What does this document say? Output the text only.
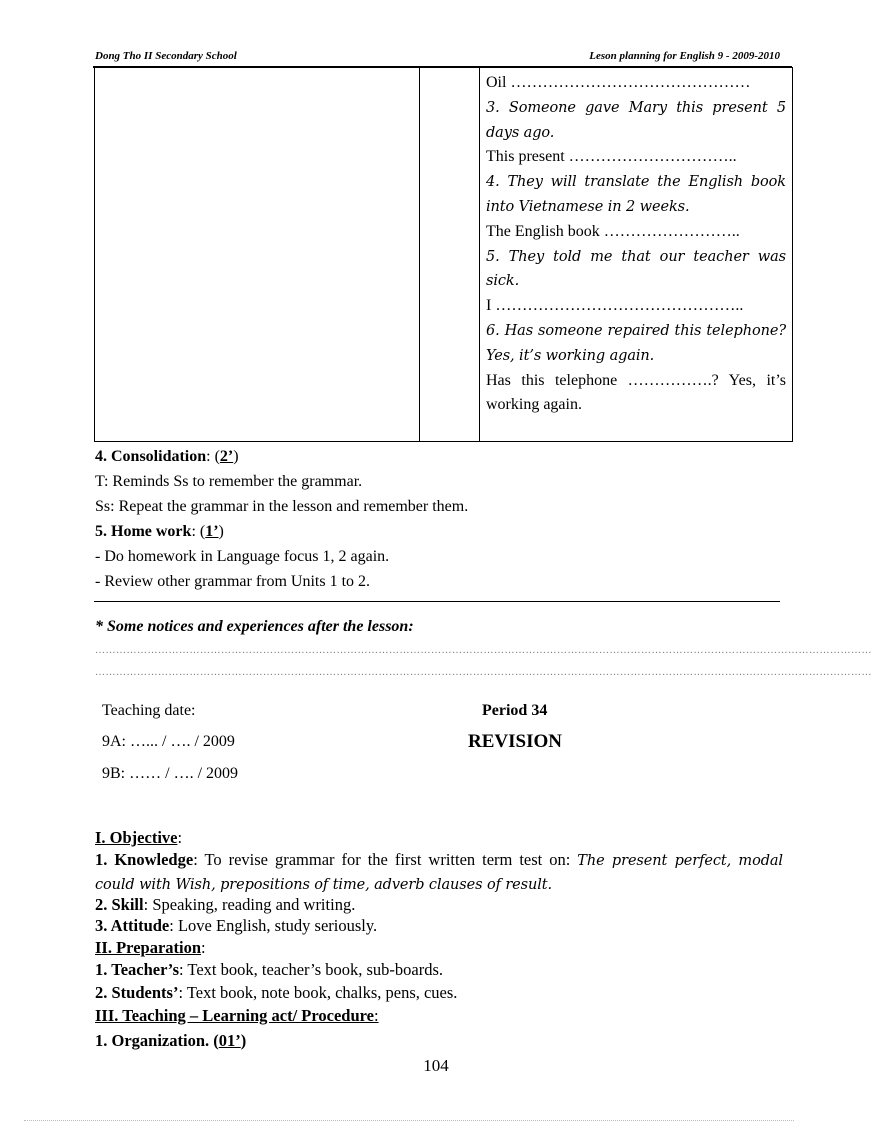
Dong Tho II Secondary School	Leson planning for English 9 - 2009-2010

Oil ………………………………………

3. Someone gave Mary this present 5 days ago.

This present …………………………..

4. They will translate the English book into Vietnamese in 2 weeks.

The English book ……………………..

5. They told me that our teacher was sick.

I ………………………………………..

6. Has someone repaired this telephone? Yes, it’s working again.

Has this telephone …………….? Yes, it’s working again.

4. Consolidation: (2’)
T: Reminds Ss to remember the grammar.
Ss: Repeat the grammar in the lesson and remember them.
5. Home work: (1’)
- Do homework in Language focus 1, 2 again.
- Review other grammar from Units 1 to 2.
* Some notices and experiences after the lesson:
……………………………………………………………………………………………………………………………………………………………………………………………………
……………………………………………………………………………………………………………………………………………………………………………………………………
Teaching date:
9A: …... / …. / 2009
9B: …… / …. / 2009
Period 34
REVISION
I. Objective:
1. Knowledge: To revise grammar for the first written term test on: The present perfect, modal could with Wish, prepositions of time, adverb clauses of result.
2. Skill: Speaking, reading and writing.
3. Attitude: Love English, study seriously.
II. Preparation:
1. Teacher’s: Text book, teacher’s book, sub-boards.
2. Students’: Text book, note book, chalks, pens, cues.
III. Teaching – Learning act/ Procedure:
1. Organization. (01’)
104
